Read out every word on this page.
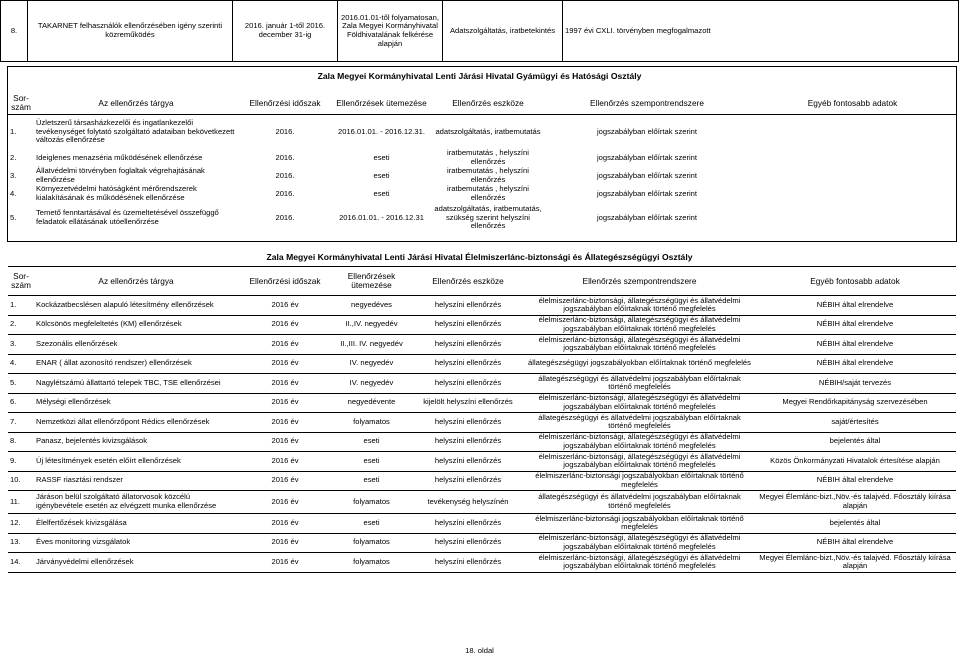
8.	TAKARNET felhasználók ellenőrzésében igény szerinti közreműködés	2016. január 1-től 2016. december 31-ig	2016.01.01-től folyamatosan, Zala Megyei Kormányhivatal Földhivatalának felkérése alapján	Adatszolgáltatás, iratbetekintés	1997 évi CXLI. törvényben megfogalmazott
Zala Megyei Kormányhivatal Lenti Járási Hivatal Gyámügyi és Hatósági Osztály
Sor-szám	Az ellenőrzés tárgya	Ellenőrzési időszak	Ellenőrzések ütemezése	Ellenőrzés eszköze	Ellenőrzés szempontrendszere	Egyéb fontosabb adatok
1.	Üzletszerű társasházkezelői és ingatlankezelői tevékenységet folytató szolgáltató adataiban bekövetkezett változás ellenőrzése	2016.	2016.01.01. - 2016.12.31.	adatszolgáltatás, iratbemutatás	jogszabályban előírtak szerint	
2.	Ideiglenes menazséria működésének ellenőrzése	2016.	eseti	iratbemutatás , helyszíni ellenőrzés	jogszabályban előírtak szerint	
3.	Állatvédelmi törvényben foglaltak végrehajtásának ellenőrzése	2016.	eseti	iratbemutatás , helyszíni ellenőrzés	jogszabályban előírtak szerint	
4.	Környezetvédelmi hatóságként mérőrendszerek kialakításának és működésének ellenőrzése	2016.	eseti	iratbemutatás , helyszíni ellenőrzés	jogszabályban előírtak szerint	
5.	Temető fenntartásával és üzemeltetésével összefüggő feladatok ellátásának utóellenőrzése	2016.	2016.01.01. - 2016.12.31	adatszolgáltatás, iratbemutatás, szükség szerint helyszíni ellenőrzés	jogszabályban előírtak szerint	
Zala Megyei Kormányhivatal Lenti Járási Hivatal Élelmiszerlánc-biztonsági és Állategészségügyi Osztály
Sor-szám	Az ellenőrzés tárgya	Ellenőrzési időszak	Ellenőrzések ütemezése	Ellenőrzés eszköze	Ellenőrzés szempontrendszere	Egyéb fontosabb adatok
1.	Kockázatbecslésen alapuló létesítmény ellenőrzések	2016 év	negyedéves	helyszíni ellenőrzés	élelmiszerlánc-biztonsági, állategészségügyi és állatvédelmi jogszabályban előírtaknak történő megfelelés	NÉBIH által elrendelve
2.	Kölcsönös megfeleltetés (KM) ellenőrzések	2016 év	II.,IV. negyedév	helyszíni ellenőrzés	élelmiszerlánc-biztonsági, állategészségügyi és állatvédelmi jogszabályban előírtaknak történő megfelelés	NÉBIH által elrendelve
3.	Szezonális ellenőrzések	2016 év	II.,III. IV. negyedév	helyszíni ellenőrzés	élelmiszerlánc-biztonsági, állategészségügyi és állatvédelmi jogszabályban előírtaknak történő megfelelés	NÉBIH által elrendelve
4.	ENAR ( állat azonosító rendszer) ellenőrzések	2016 év	IV. negyedév	helyszíni ellenőrzés	állategészségügyi jogszabályokban előírtaknak történő megfelelés	NÉBIH által elrendelve
5.	Nagylétszámú állattartó telepek TBC, TSE ellenőrzései	2016 év	IV. negyedév	helyszíni ellenőrzés	állategészségügyi és állatvédelmi jogszabályban előírtaknak történő megfelelés	NÉBIH/saját tervezés
6.	Mélységi ellenőrzések	2016 év	negyedévente	kijelölt helyszíni ellenőrzés	élelmiszerlánc-biztonsági, állategészségügyi és állatvédelmi jogszabályban előírtaknak történő megfelelés	Megyei Rendőrkapitányság szervezésében
7.	Nemzetközi állat ellenőrzőpont Rédics ellenőrzések	2016 év	folyamatos	helyszíni ellenőrzés	állategészségügyi és állatvédelmi jogszabályban előírtaknak történő megfelelés	saját/értesítés
8.	Panasz, bejelentés kivizsgálások	2016 év	eseti	helyszíni ellenőrzés	élelmiszerlánc-biztonsági, állategészségügyi és állatvédelmi jogszabályban előírtaknak történő megfelelés	bejelentés által
9.	Új létesítmények esetén előírt ellenőrzések	2016 év	eseti	helyszíni ellenőrzés	élelmiszerlánc-biztonsági, állategészségügyi és állatvédelmi jogszabályban előírtaknak történő megfelelés	Közös Önkormányzati Hivatalok értesítése alapján
10.	RASSF riasztási rendszer	2016 év	eseti	helyszíni ellenőrzés	élelmiszerlánc-biztonsági jogszabályokban előírtaknak történő megfelelés	NÉBIH által elrendelve
11.	Járáson belül szolgáltató állatorvosok közcélú igénybevétele esetén az elvégzett munka ellenőrzése	2016 év	folyamatos	tevékenység helyszínén	állategészségügyi és állatvédelmi jogszabályban előírtaknak történő megfelelés	Megyei Élemlánc-bizt.,Növ.-és talajvéd. Főosztály kiírása alapján
12.	Élelfertőzések kivizsgálása	2016 év	eseti	helyszíni ellenőrzés	élelmiszerlánc-biztonsági jogszabályokban előírtaknak történő megfelelés	bejelentés által
13.	Éves monitoring vizsgálatok	2016 év	folyamatos	helyszíni ellenőrzés	élelmiszerlánc-biztonsági, állategészségügyi és állatvédelmi jogszabályban előírtaknak történő megfelelés	NÉBIH által elrendelve
14.	Járványvédelmi ellenőrzések	2016 év	folyamatos	helyszíni ellenőrzés	élelmiszerlánc-biztonsági, állategészségügyi és állatvédelmi jogszabályban előírtaknak történő megfelelés	Megyei Élemlánc-bizt.,Növ.-és talajvéd. Főosztály kiírása alapján
18. oldal
